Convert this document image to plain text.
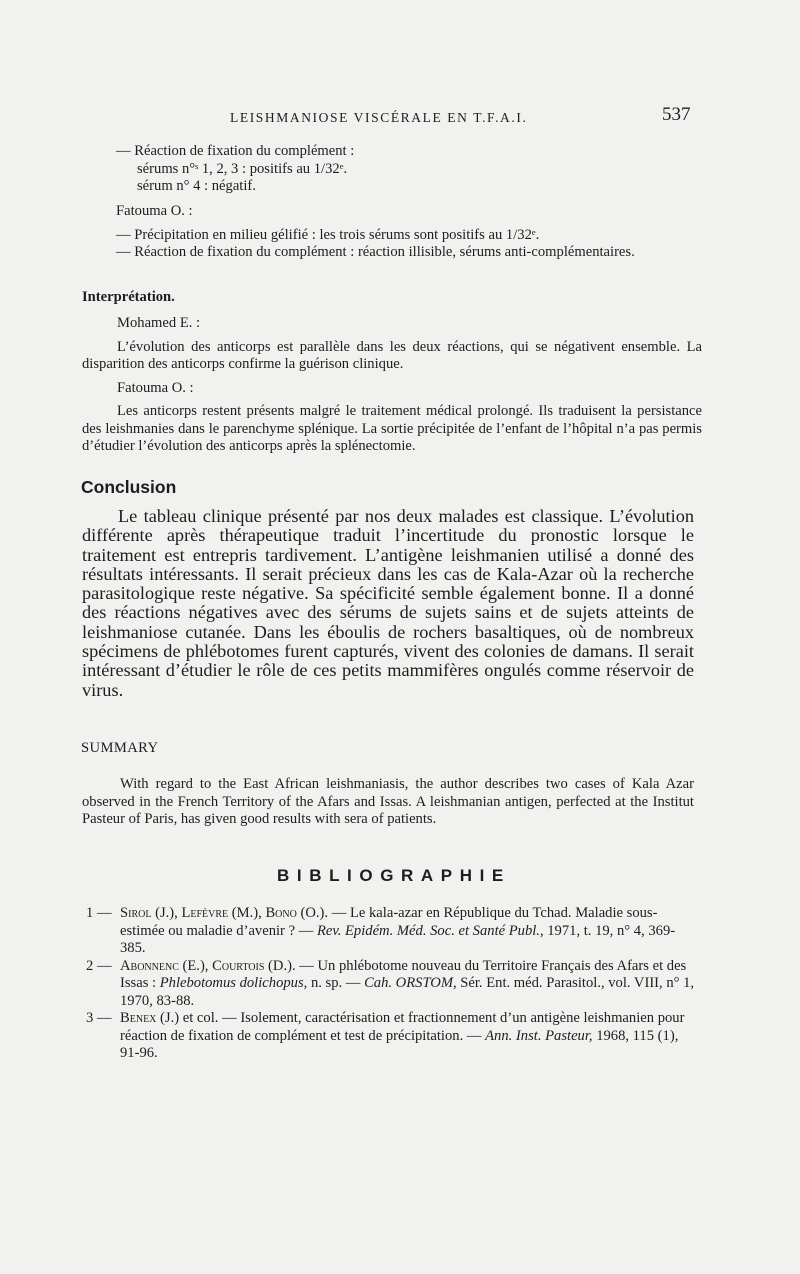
LEISHMANIOSE VISCÉRALE EN T.F.A.I.	537
— Réaction de fixation du complément :
sérums n°ˢ 1, 2, 3 : positifs au 1/32ᵉ.
sérum n° 4 : négatif.
Fatouma O. :
— Précipitation en milieu gélifié : les trois sérums sont positifs au 1/32ᵉ.
— Réaction de fixation du complément : réaction illisible, sérums anti-complémentaires.
Interprétation.
Mohamed E. :
L’évolution des anticorps est parallèle dans les deux réactions, qui se négativent ensemble. La disparition des anticorps confirme la guérison clinique.
Fatouma O. :
Les anticorps restent présents malgré le traitement médical prolongé. Ils traduisent la persistance des leishmanies dans le parenchyme splénique. La sortie précipitée de l’enfant de l’hôpital n’a pas permis d’étudier l’évolution des anticorps après la splénectomie.
Conclusion
Le tableau clinique présenté par nos deux malades est classique. L’évolution différente après thérapeutique traduit l’incertitude du pronostic lorsque le traitement est entrepris tardivement. L’antigène leishmanien utilisé a donné des résultats intéressants. Il serait précieux dans les cas de Kala-Azar où la recherche parasitologique reste négative. Sa spécificité semble également bonne. Il a donné des réactions négatives avec des sérums de sujets sains et de sujets atteints de leishmaniose cutanée. Dans les éboulis de rochers basaltiques, où de nombreux spécimens de phlébotomes furent capturés, vivent des colonies de damans. Il serait intéressant d’étudier le rôle de ces petits mammifères ongulés comme réservoir de virus.
SUMMARY
With regard to the East African leishmaniasis, the author describes two cases of Kala Azar observed in the French Territory of the Afars and Issas. A leishmanian antigen, perfected at the Institut Pasteur of Paris, has given good results with sera of patients.
BIBLIOGRAPHIE
1 — Sirol (J.), Lefèvre (M.), Bono (O.). — Le kala-azar en République du Tchad. Maladie sous-estimée ou maladie d’avenir ? — Rev. Epidém. Méd. Soc. et Santé Publ., 1971, t. 19, n° 4, 369-385.
2 — Abonnenc (E.), Courtois (D.). — Un phlébotome nouveau du Territoire Français des Afars et des Issas : Phlebotomus dolichopus, n. sp. — Cah. ORSTOM, Sér. Ent. méd. Parasitol., vol. VIII, n° 1, 1970, 83-88.
3 — Benex (J.) et col. — Isolement, caractérisation et fractionnement d’un antigène leishmanien pour réaction de fixation de complément et test de précipitation. — Ann. Inst. Pasteur, 1968, 115 (1), 91-96.
